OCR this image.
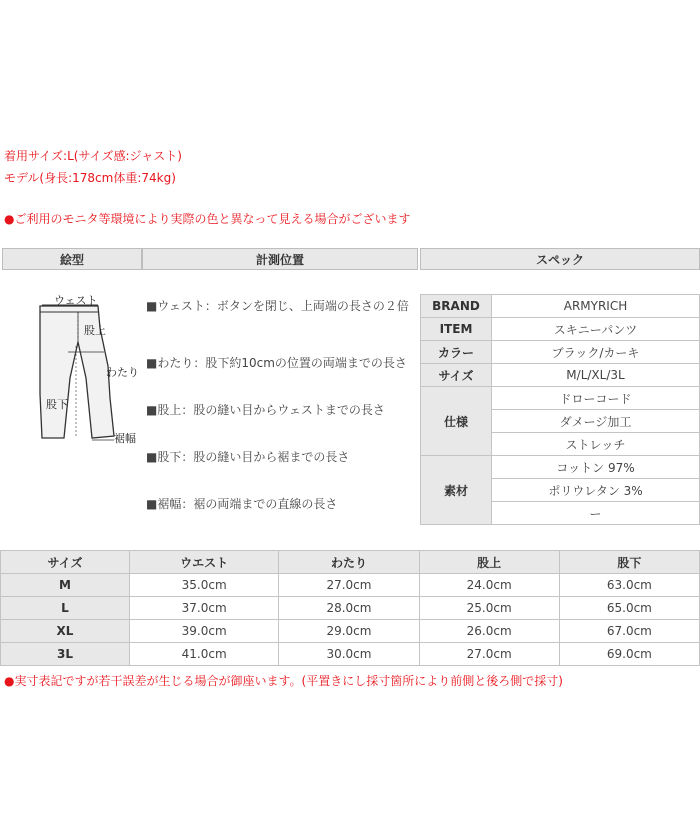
着用サイズ:L(サイズ感:ジャスト)
モデル(身長:178cm体重:74kg)
●ご利用のモニタ等環境により実際の色と異なって見える場合がございます
絵型	計測位置	スペック
ウェスト
股上
わたり
股下
裾幅
■ウェスト：ボタンを閉じ、上両端の長さの２倍
■わたり：股下約10cmの位置の両端までの長さ
■股上：股の縫い目からウェストまでの長さ
■股下：股の縫い目から裾までの長さ
■裾幅：裾の両端までの直線の長さ
BRAND	ARMYRICH
ITEM	スキニーパンツ
カラー	ブラック/カーキ
サイズ	M/L/XL/3L
仕様	ドローコード
	ダメージ加工
	ストレッチ
素材	コットン 97%
	ポリウレタン 3%
	ー
サイズ	ウエスト	わたり	股上	股下
M	35.0cm	27.0cm	24.0cm	63.0cm
L	37.0cm	28.0cm	25.0cm	65.0cm
XL	39.0cm	29.0cm	26.0cm	67.0cm
3L	41.0cm	30.0cm	27.0cm	69.0cm
●実寸表記ですが若干誤差が生じる場合が御座います。(平置きにし採寸箇所により前側と後ろ側で採寸)
